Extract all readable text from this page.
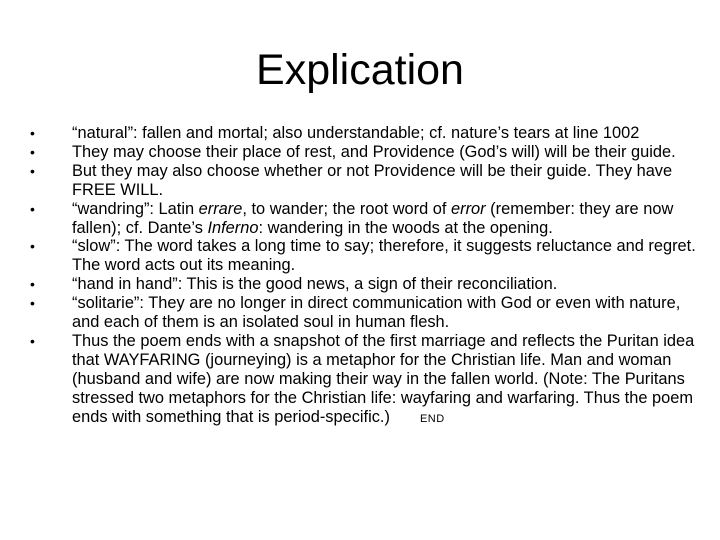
Explication
• “natural”: fallen and mortal; also understandable; cf. nature’s tears at line 1002
• They may choose their place of rest, and Providence (God’s will) will be their guide.
• But they may also choose whether or not Providence will be their guide. They have FREE WILL.
• “wandring”: Latin errare, to wander; the root word of error (remember: they are now fallen); cf. Dante’s Inferno: wandering in the woods at the opening.
• “slow”: The word takes a long time to say; therefore, it suggests reluctance and regret. The word acts out its meaning.
• “hand in hand”: This is the good news, a sign of their reconciliation.
• “solitarie”: They are no longer in direct communication with God or even with nature, and each of them is an isolated soul in human flesh.
• Thus the poem ends with a snapshot of the first marriage and reflects the Puritan idea that WAYFARING (journeying) is a metaphor for the Christian life. Man and woman (husband and wife) are now making their way in the fallen world. (Note: The Puritans stressed two metaphors for the Christian life: wayfaring and warfaring. Thus the poem ends with something that is period-specific.)	END
